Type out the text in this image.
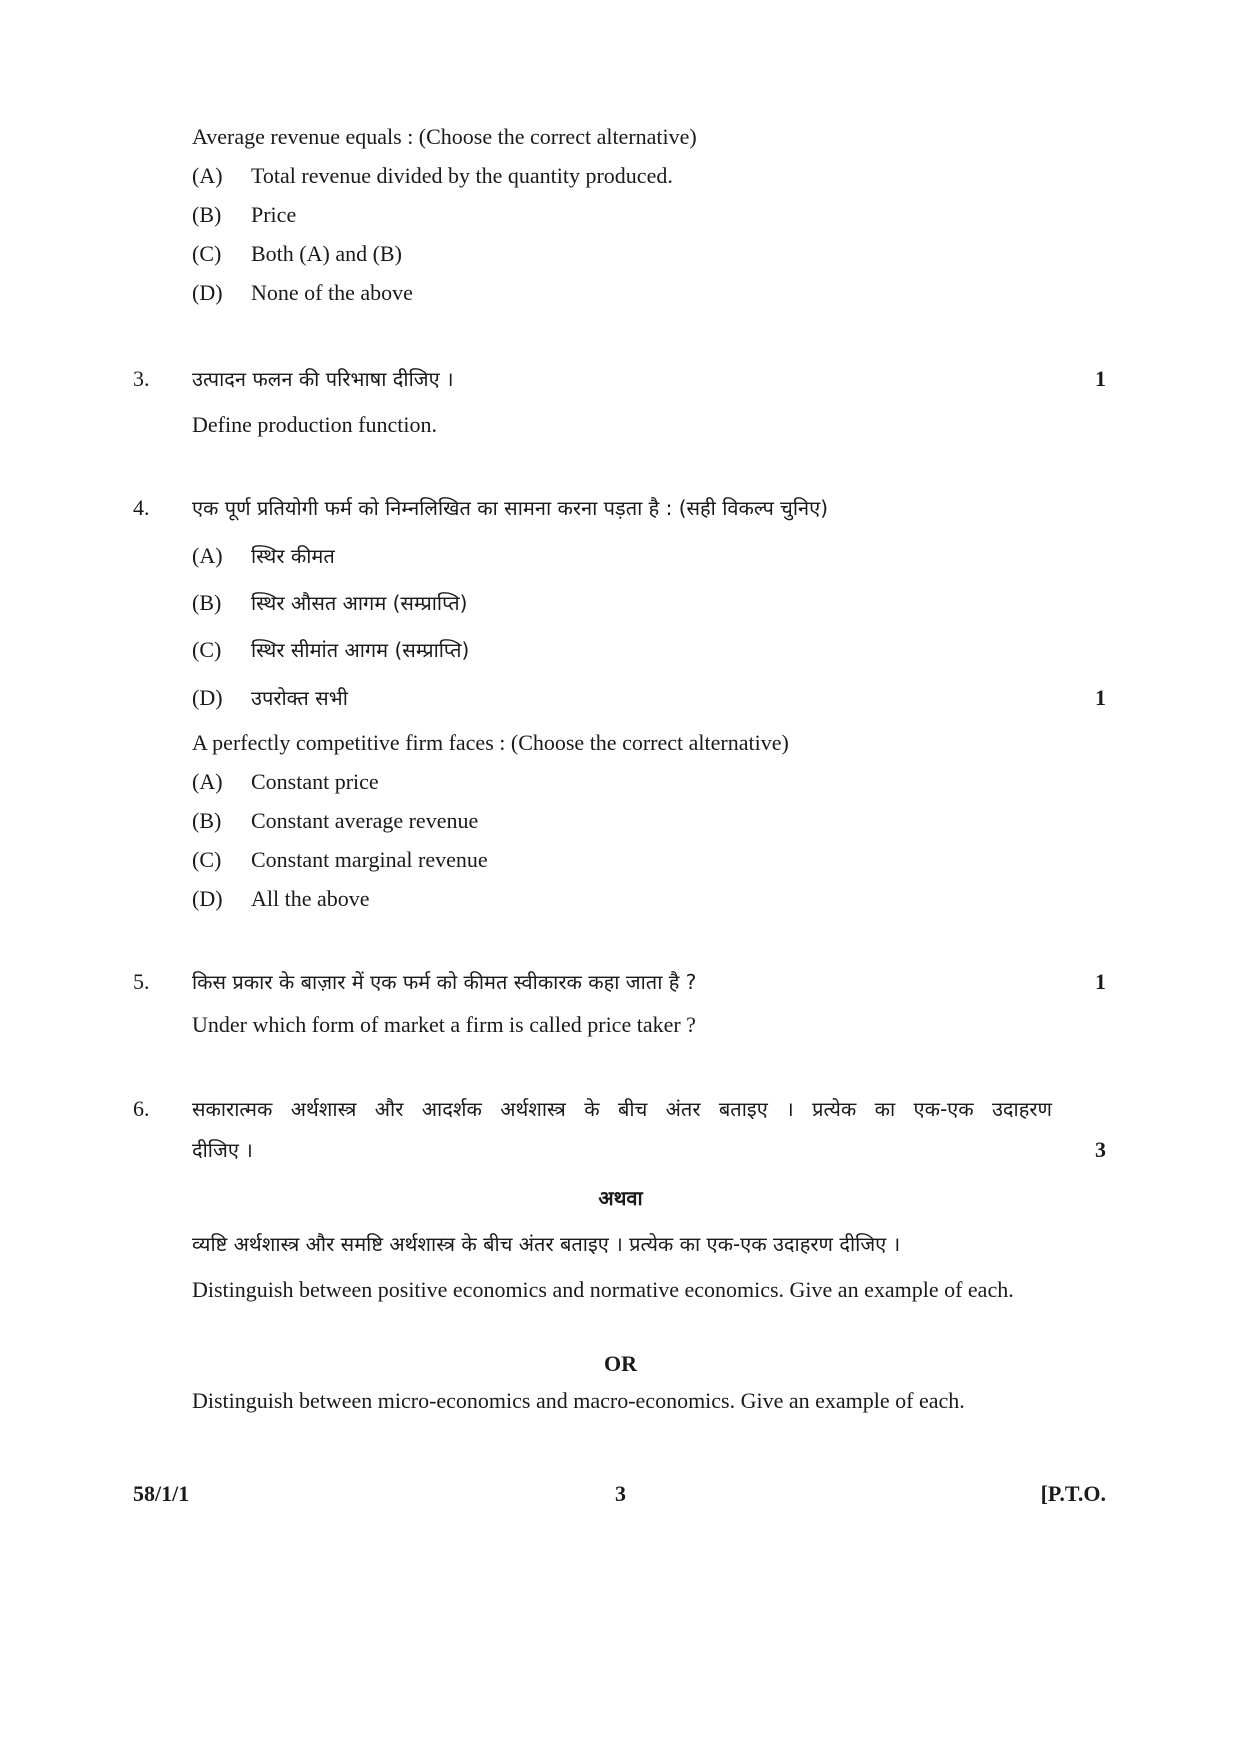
Average revenue equals : (Choose the correct alternative)
(A) Total revenue divided by the quantity produced.
(B) Price
(C) Both (A) and (B)
(D) None of the above
3. उत्पादन फलन की परिभाषा दीजिए ।	1
Define production function.
4. एक पूर्ण प्रतियोगी फर्म को निम्नलिखित का सामना करना पड़ता है : (सही विकल्प चुनिए)
(A) स्थिर कीमत
(B) स्थिर औसत आगम (सम्प्राप्ति)
(C) स्थिर सीमांत आगम (सम्प्राप्ति)
(D) उपरोक्त सभी	1
A perfectly competitive firm faces : (Choose the correct alternative)
(A) Constant price
(B) Constant average revenue
(C) Constant marginal revenue
(D) All the above
5. किस प्रकार के बाज़ार में एक फर्म को कीमत स्वीकारक कहा जाता है ?	1
Under which form of market a firm is called price taker ?
6. सकारात्मक अर्थशास्त्र और आदर्शक अर्थशास्त्र के बीच अंतर बताइए । प्रत्येक का एक-एक उदाहरण
दीजिए ।	3
अथवा
व्यष्टि अर्थशास्त्र और समष्टि अर्थशास्त्र के बीच अंतर बताइए । प्रत्येक का एक-एक उदाहरण दीजिए ।
Distinguish between positive economics and normative economics. Give an example of each.
OR
Distinguish between micro-economics and macro-economics. Give an example of each.
58/1/1	3	[P.T.O.
